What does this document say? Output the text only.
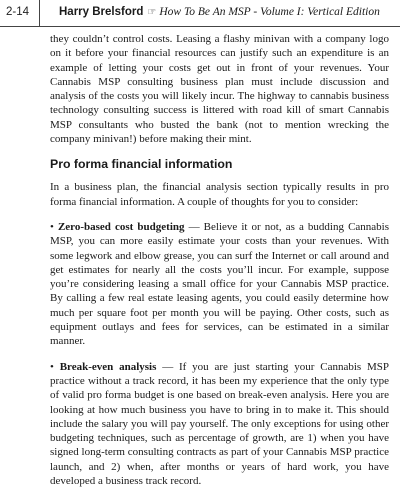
2-14	Harry Brelsford ☞ How To Be An MSP - Volume I: Vertical Edition

they couldn’t control costs. Leasing a flashy minivan with a company logo on it before your financial resources can justify such an expenditure is an example of letting your costs get out in front of your revenues. Your Cannabis MSP consulting business plan must include discussion and analysis of the costs you will likely incur. The highway to cannabis business technology consulting success is littered with road kill of smart Cannabis MSP consultants who busted the bank (not to mention wrecking the company minivan!) before making their mint.

Pro forma financial information

In a business plan, the financial analysis section typically results in pro forma financial information. A couple of thoughts for you to consider:

• Zero-based cost budgeting — Believe it or not, as a budding Cannabis MSP, you can more easily estimate your costs than your revenues. With some legwork and elbow grease, you can surf the Internet or call around and get estimates for nearly all the costs you’ll incur. For example, suppose you’re considering leasing a small office for your Cannabis MSP practice. By calling a few real estate leasing agents, you could easily determine how much per square foot per month you will be paying. Other costs, such as equipment outlays and fees for services, can be estimated in a similar manner.

• Break-even analysis — If you are just starting your Cannabis MSP practice without a track record, it has been my experience that the only type of valid pro forma budget is one based on break-even analysis. Here you are looking at how much business you have to bring in to make it. This should include the salary you will pay yourself. The only exceptions for using other budgeting techniques, such as percentage of growth, are 1) when you have signed long-term consulting contracts as part of your Cannabis MSP practice launch, and 2) when, after months or years of hard work, you have developed a business track record.
